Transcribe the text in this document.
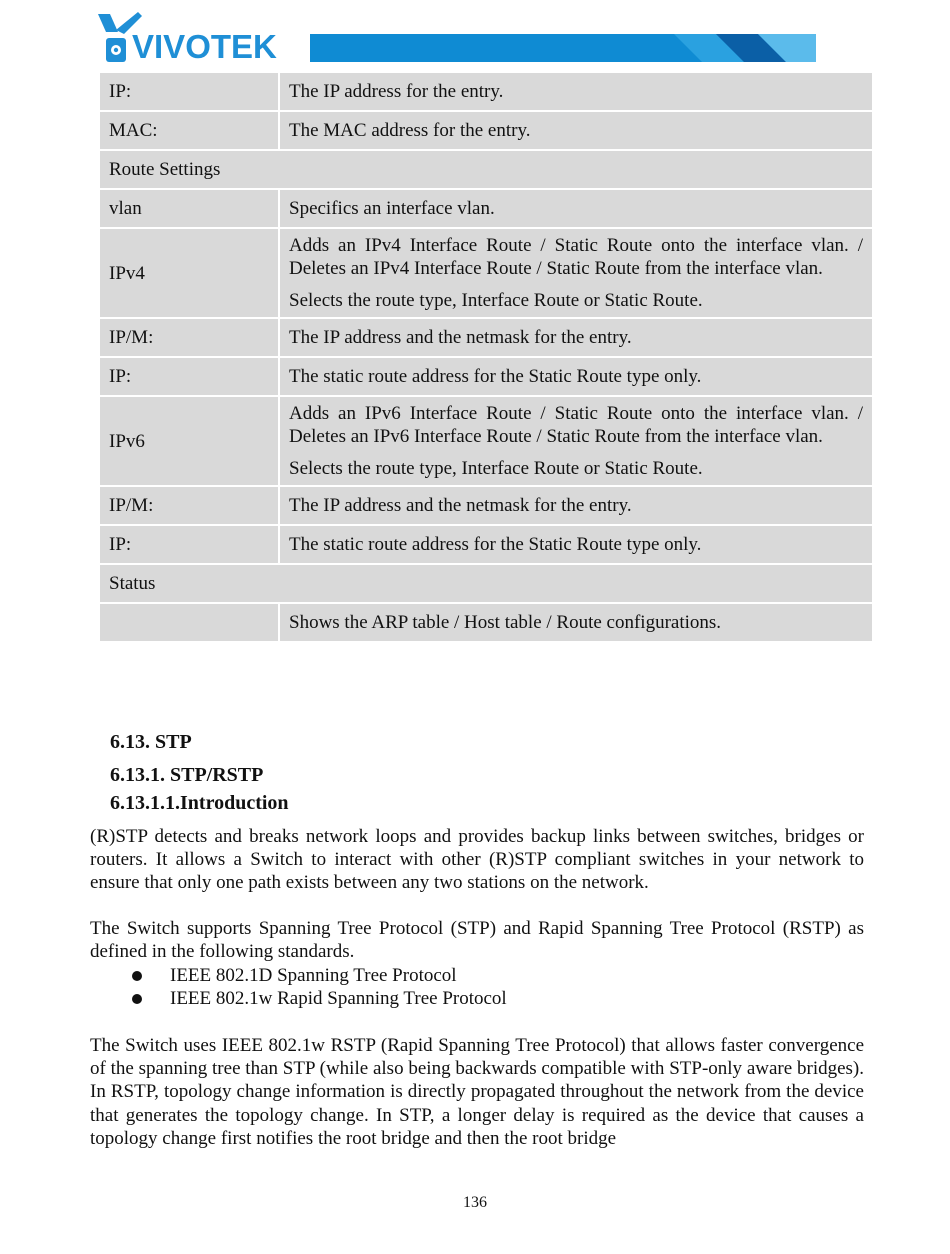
VIVOTEK
IP:	The IP address for the entry.

MAC:	The MAC address for the entry.

Route Settings	
vlan	Specifics an interface vlan.

IPv4	Adds an IPv4 Interface Route / Static Route onto the interface vlan. / Deletes an IPv4 Interface Route / Static Route from the interface vlan.

Selects the route type, Interface Route or Static Route.

IP/M:	The IP address and the netmask for the entry.

IP:	The static route address for the Static Route type only.

IPv6	Adds an IPv6 Interface Route / Static Route onto the interface vlan. / Deletes an IPv6 Interface Route / Static Route from the interface vlan.

Selects the route type, Interface Route or Static Route.

IP/M:	The IP address and the netmask for the entry.

IP:	The static route address for the Static Route type only.

Status	

	Shows the ARP table / Host table / Route configurations.

6.13. STP
6.13.1. STP/RSTP
6.13.1.1.Introduction

(R)STP detects and breaks network loops and provides backup links between switches, bridges or routers. It allows a Switch to interact with other (R)STP compliant switches in your network to ensure that only one path exists between any two stations on the network.

The Switch supports Spanning Tree Protocol (STP) and Rapid Spanning Tree Protocol (RSTP) as defined in the following standards.

IEEE 802.1D Spanning Tree Protocol
IEEE 802.1w Rapid Spanning Tree Protocol

The Switch uses IEEE 802.1w RSTP (Rapid Spanning Tree Protocol) that allows faster convergence of the spanning tree than STP (while also being backwards compatible with STP-only aware bridges). In RSTP, topology change information is directly propagated throughout the network from the device that generates the topology change. In STP, a longer delay is required as the device that causes a topology change first notifies the root bridge and then the root bridge

136
